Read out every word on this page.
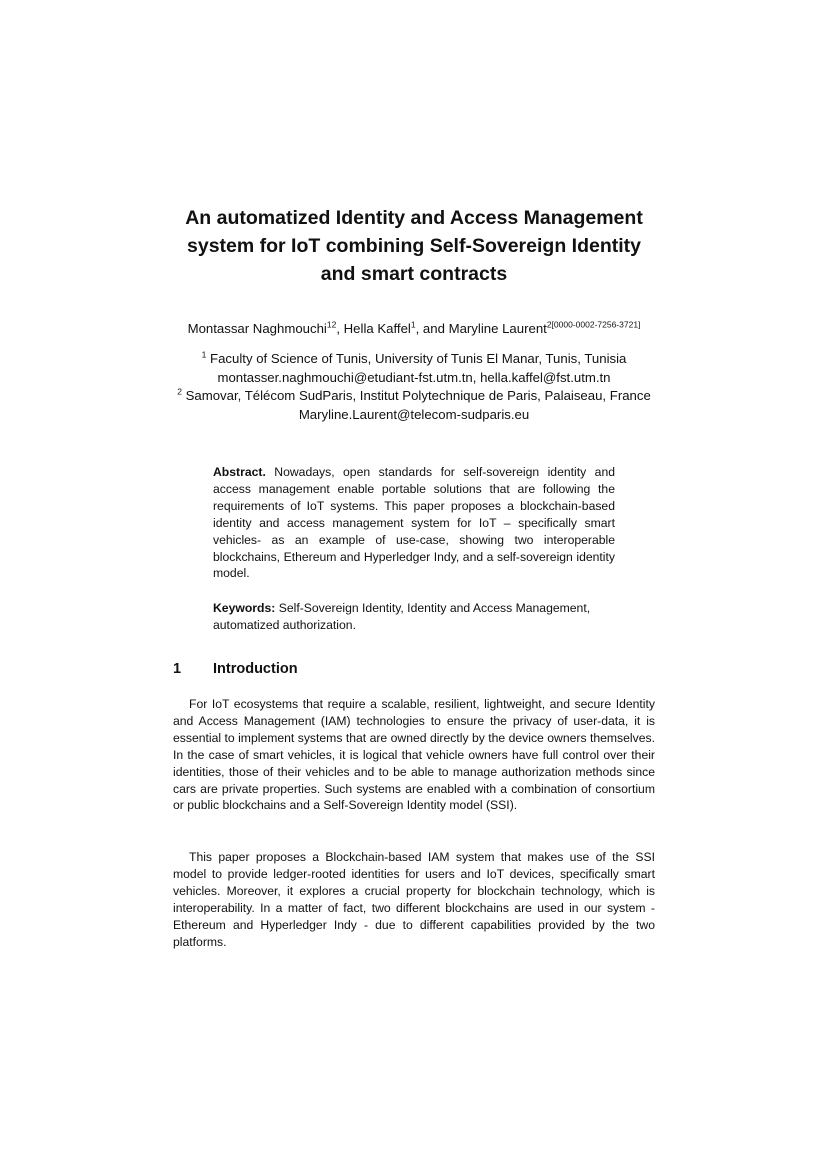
An automatized Identity and Access Management
system for IoT combining Self-Sovereign Identity
and smart contracts
Montassar Naghmouchi$^{12}$, Hella Kaffel$^1$, and Maryline Laurent$^{2[0000-0002-7256-3721]}$
$^1$ Faculty of Science of Tunis, University of Tunis El Manar, Tunis, Tunisia
montasser.naghmouchi@etudiant-fst.utm.tn, hella.kaffel@fst.utm.tn
$^2$ Samovar, Télécom SudParis, Institut Polytechnique de Paris, Palaiseau, France
Maryline.Laurent@telecom-sudparis.eu

Abstract. Nowadays, open standards for self-sovereign identity and access management enable portable solutions that are following the requirements of IoT systems. This paper proposes a blockchain-based identity and access management system for IoT – specifically smart vehicles- as an example of use-case, showing two interoperable blockchains, Ethereum and Hyperledger Indy, and a self-sovereign identity model.

Keywords: Self-Sovereign Identity, Identity and Access Management, automatized authorization.

1 Introduction

For IoT ecosystems that require a scalable, resilient, lightweight, and secure Identity and Access Management (IAM) technologies to ensure the privacy of user-data, it is essential to implement systems that are owned directly by the device owners themselves. In the case of smart vehicles, it is logical that vehicle owners have full control over their identities, those of their vehicles and to be able to manage authorization methods since cars are private properties. Such systems are enabled with a combination of consortium or public blockchains and a Self-Sovereign Identity model (SSI).

This paper proposes a Blockchain-based IAM system that makes use of the SSI model to provide ledger-rooted identities for users and IoT devices, specifically smart vehicles. Moreover, it explores a crucial property for blockchain technology, which is interoperability. In a matter of fact, two different blockchains are used in our system - Ethereum and Hyperledger Indy - due to different capabilities provided by the two platforms.
